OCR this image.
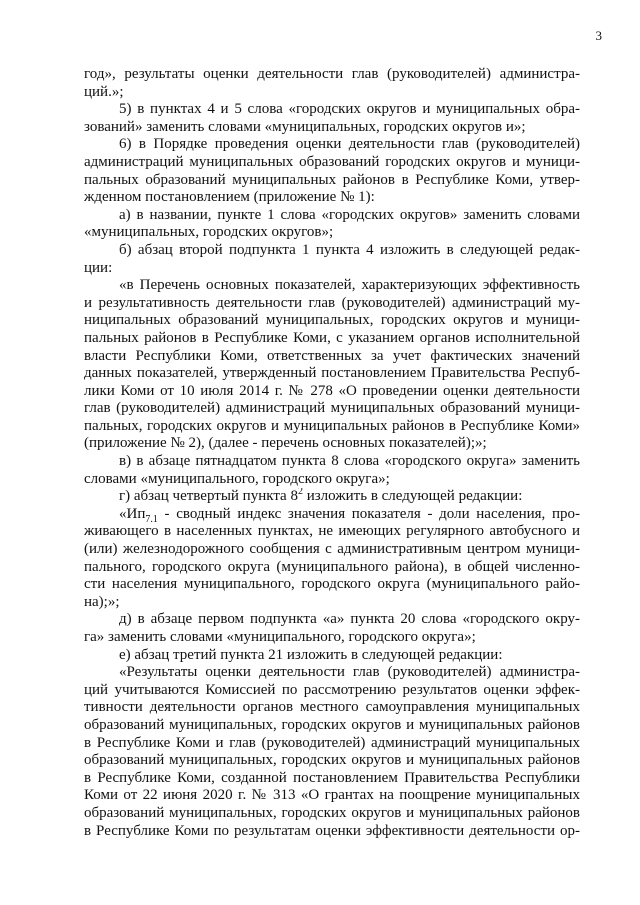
3
год», результаты оценки деятельности глав (руководителей) администра-
ций.»;
5) в пунктах 4 и 5 слова «городских округов и муниципальных обра-
зований» заменить словами «муниципальных, городских округов и»;
6) в Порядке проведения оценки деятельности глав (руководителей)
администраций муниципальных образований городских округов и муници-
пальных образований муниципальных районов в Республике Коми, утвер-
жденном постановлением (приложение № 1):
а) в названии, пункте 1 слова «городских округов» заменить словами
«муниципальных, городских округов»;
б) абзац второй подпункта 1 пункта 4 изложить в следующей редак-
ции:
«в Перечень основных показателей, характеризующих эффективность
и результативность деятельности глав (руководителей) администраций му-
ниципальных образований муниципальных, городских округов и муници-
пальных районов в Республике Коми, с указанием органов исполнительной
власти Республики Коми, ответственных за учет фактических значений
данных показателей, утвержденный постановлением Правительства Респуб-
лики Коми от 10 июля 2014 г. № 278 «О проведении оценки деятельности
глав (руководителей) администраций муниципальных образований муници-
пальных, городских округов и муниципальных районов в Республике Коми»
(приложение № 2), (далее - перечень основных показателей);»;
в) в абзаце пятнадцатом пункта 8 слова «городского округа» заменить
словами «муниципального, городского округа»;
г) абзац четвертый пункта $8^2$ изложить в следующей редакции:
«$Ип_{7.1}$ - сводный индекс значения показателя - доли населения, про-
живающего в населенных пунктах, не имеющих регулярного автобусного и
(или) железнодорожного сообщения с административным центром муници-
пального, городского округа (муниципального района), в общей численно-
сти населения муниципального, городского округа (муниципального райо-
на);»;
д) в абзаце первом подпункта «а» пункта 20 слова «городского окру-
га» заменить словами «муниципального, городского округа»;
е) абзац третий пункта 21 изложить в следующей редакции:
«Результаты оценки деятельности глав (руководителей) администра-
ций учитываются Комиссией по рассмотрению результатов оценки эффек-
тивности деятельности органов местного самоуправления муниципальных
образований муниципальных, городских округов и муниципальных районов
в Республике Коми и глав (руководителей) администраций муниципальных
образований муниципальных, городских округов и муниципальных районов
в Республике Коми, созданной постановлением Правительства Республики
Коми от 22 июня 2020 г. № 313 «О грантах на поощрение муниципальных
образований муниципальных, городских округов и муниципальных районов
в Республике Коми по результатам оценки эффективности деятельности ор-
